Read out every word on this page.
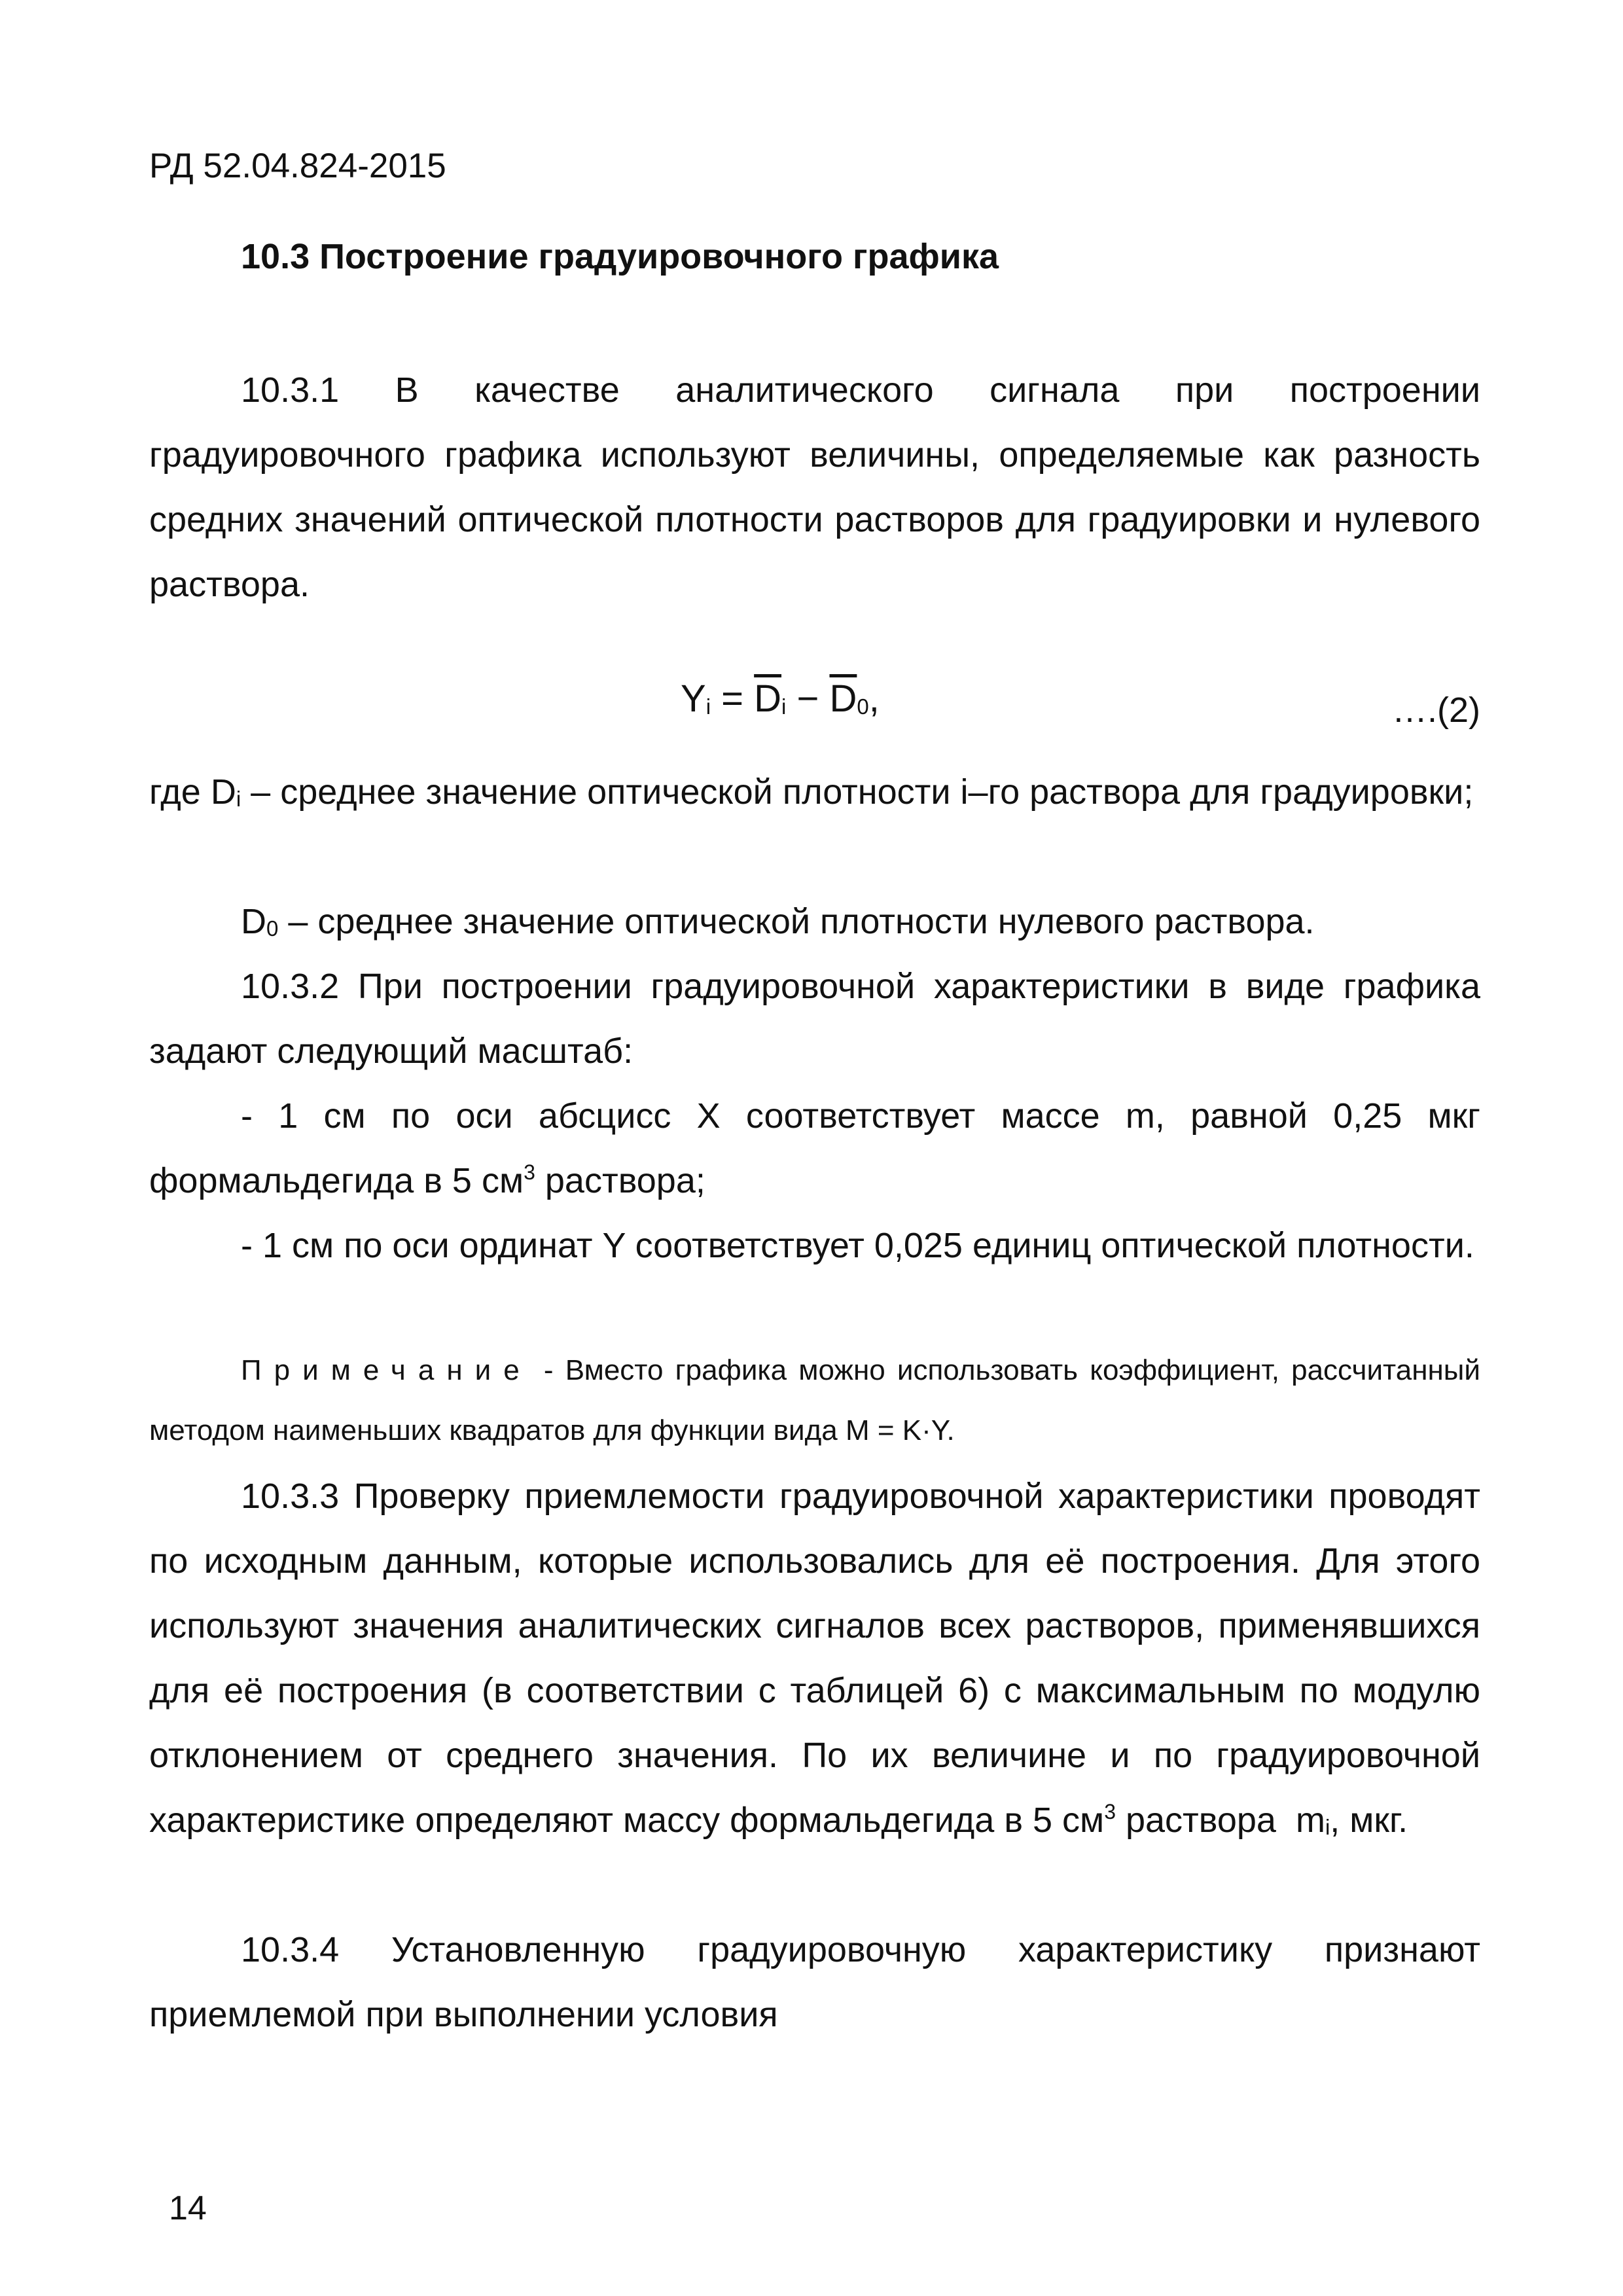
РД 52.04.824-2015
10.3 Построение градуировочного графика
10.3.1 В качестве аналитического сигнала при построении градуировочного графика используют величины, определяемые как разность средних значений оптической плотности растворов для градуировки и нулевого раствора.
$Y_i = \overline{D}_i - \overline{D}_0$,	….(2)
где $D_i$ – среднее значение оптической плотности i–го раствора для градуировки;
$D_0$ – среднее значение оптической плотности нулевого раствора.
10.3.2 При построении градуировочной характеристики в виде графика задают следующий масштаб:
- 1 см по оси абсцисс X соответствует массе m, равной 0,25 мкг формальдегида в 5 $см^3$ раствора;
- 1 см по оси ординат Y соответствует 0,025 единиц оптической плотности.
Примечание - Вместо графика можно использовать коэффициент, рассчитанный методом наименьших квадратов для функции вида M = K·Y.
10.3.3 Проверку приемлемости градуировочной характеристики проводят по исходным данным, которые использовались для её построения. Для этого используют значения аналитических сигналов всех растворов, применявшихся для её построения (в соответствии с таблицей 6) с максимальным по модулю отклонением от среднего значения. По их величине и по градуировочной характеристике определяют массу формальдегида в 5 $см^3$ раствора  $m_i$, мкг.
10.3.4 Установленную градуировочную характеристику признают приемлемой при выполнении условия
14
